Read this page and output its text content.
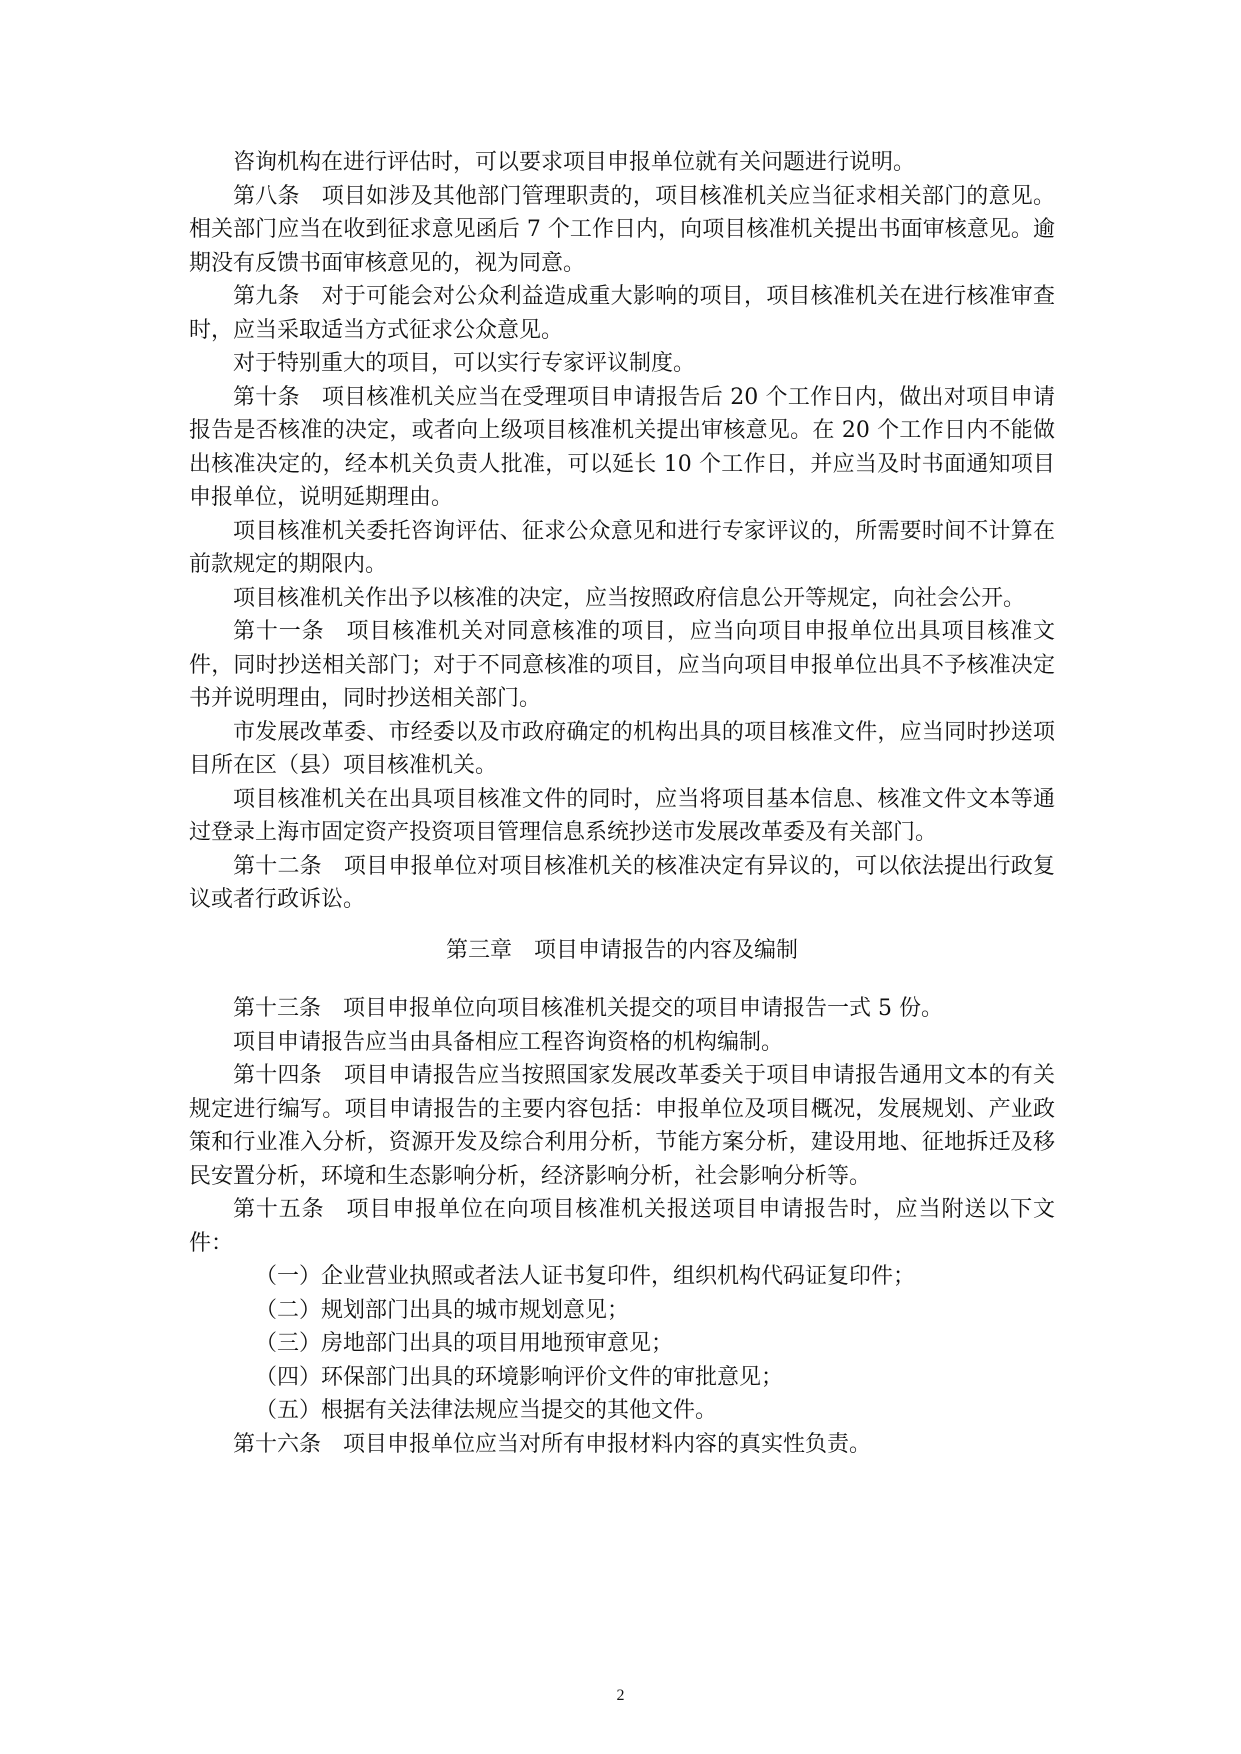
咨询机构在进行评估时，可以要求项目申报单位就有关问题进行说明。

第八条 项目如涉及其他部门管理职责的，项目核准机关应当征求相关部门的意见。相关部门应当在收到征求意见函后 7 个工作日内，向项目核准机关提出书面审核意见。逾期没有反馈书面审核意见的，视为同意。

第九条 对于可能会对公众利益造成重大影响的项目，项目核准机关在进行核准审查时，应当采取适当方式征求公众意见。

对于特别重大的项目，可以实行专家评议制度。

第十条 项目核准机关应当在受理项目申请报告后 20 个工作日内，做出对项目申请报告是否核准的决定，或者向上级项目核准机关提出审核意见。在 20 个工作日内不能做出核准决定的，经本机关负责人批准，可以延长 10 个工作日，并应当及时书面通知项目申报单位，说明延期理由。

项目核准机关委托咨询评估、征求公众意见和进行专家评议的，所需要时间不计算在前款规定的期限内。

项目核准机关作出予以核准的决定，应当按照政府信息公开等规定，向社会公开。

第十一条 项目核准机关对同意核准的项目，应当向项目申报单位出具项目核准文件，同时抄送相关部门；对于不同意核准的项目，应当向项目申报单位出具不予核准决定书并说明理由，同时抄送相关部门。

市发展改革委、市经委以及市政府确定的机构出具的项目核准文件，应当同时抄送项目所在区（县）项目核准机关。

项目核准机关在出具项目核准文件的同时，应当将项目基本信息、核准文件文本等通过登录上海市固定资产投资项目管理信息系统抄送市发展改革委及有关部门。

第十二条 项目申报单位对项目核准机关的核准决定有异议的，可以依法提出行政复议或者行政诉讼。

第三章 项目申请报告的内容及编制

第十三条 项目申报单位向项目核准机关提交的项目申请报告一式 5 份。

项目申请报告应当由具备相应工程咨询资格的机构编制。

第十四条 项目申请报告应当按照国家发展改革委关于项目申请报告通用文本的有关规定进行编写。项目申请报告的主要内容包括：申报单位及项目概况，发展规划、产业政策和行业准入分析，资源开发及综合利用分析，节能方案分析，建设用地、征地拆迁及移民安置分析，环境和生态影响分析，经济影响分析，社会影响分析等。

第十五条 项目申报单位在向项目核准机关报送项目申请报告时，应当附送以下文件：

（一）企业营业执照或者法人证书复印件，组织机构代码证复印件；

（二）规划部门出具的城市规划意见；

（三）房地部门出具的项目用地预审意见；

（四）环保部门出具的环境影响评价文件的审批意见；

（五）根据有关法律法规应当提交的其他文件。

第十六条 项目申报单位应当对所有申报材料内容的真实性负责。

2
